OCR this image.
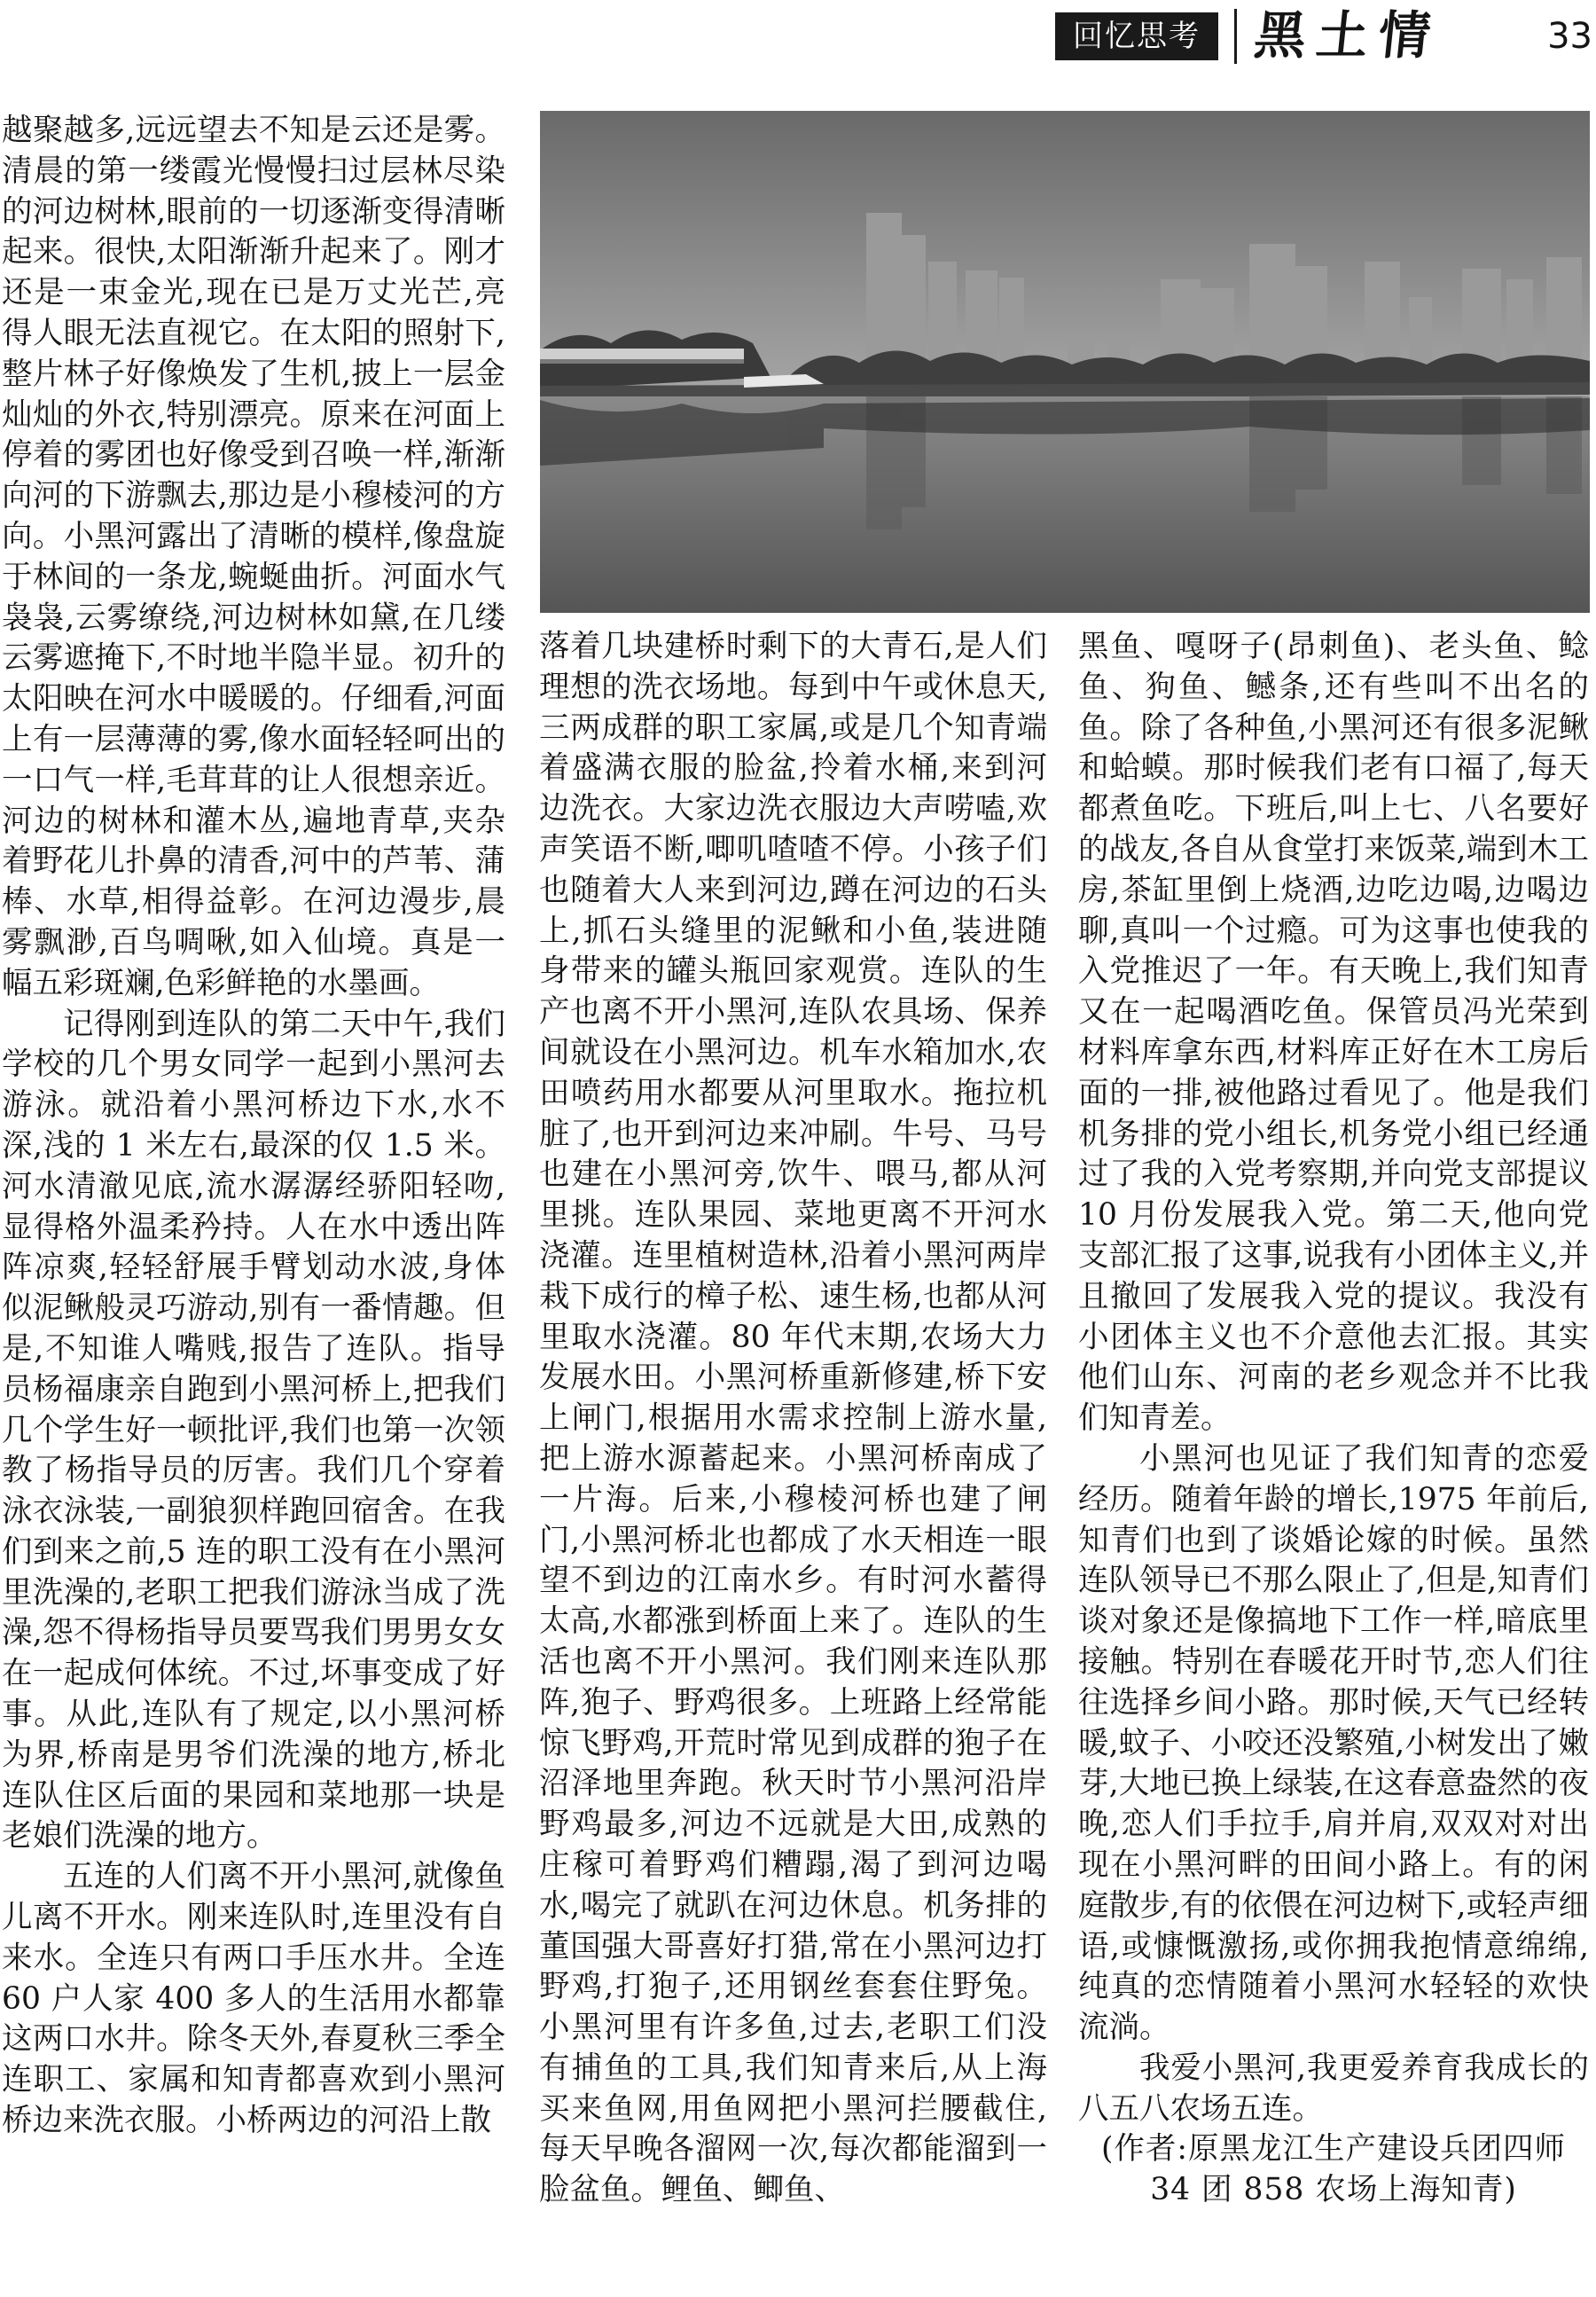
回忆思考 黑土情	33

越聚越多,远远望去不知是云还是雾。清晨的第一缕霞光慢慢扫过层林尽染的河边树林,眼前的一切逐渐变得清晰起来。很快,太阳渐渐升起来了。刚才还是一束金光,现在已是万丈光芒,亮得人眼无法直视它。在太阳的照射下,整片林子好像焕发了生机,披上一层金灿灿的外衣,特别漂亮。原来在河面上停着的雾团也好像受到召唤一样,渐渐向河的下游飘去,那边是小穆棱河的方向。小黑河露出了清晰的模样,像盘旋于林间的一条龙,蜿蜒曲折。河面水气袅袅,云雾缭绕,河边树林如黛,在几缕云雾遮掩下,不时地半隐半显。初升的太阳映在河水中暖暖的。仔细看,河面上有一层薄薄的雾,像水面轻轻呵出的一口气一样,毛茸茸的让人很想亲近。河边的树林和灌木丛,遍地青草,夹杂着野花儿扑鼻的清香,河中的芦苇、蒲棒、水草,相得益彰。在河边漫步,晨雾飘渺,百鸟啁啾,如入仙境。真是一幅五彩斑斓,色彩鲜艳的水墨画。

记得刚到连队的第二天中午,我们学校的几个男女同学一起到小黑河去游泳。就沿着小黑河桥边下水,水不深,浅的 1 米左右,最深的仅 1.5 米。河水清澈见底,流水潺潺经骄阳轻吻,显得格外温柔矜持。人在水中透出阵阵凉爽,轻轻舒展手臂划动水波,身体似泥鳅般灵巧游动,别有一番情趣。但是,不知谁人嘴贱,报告了连队。指导员杨福康亲自跑到小黑河桥上,把我们几个学生好一顿批评,我们也第一次领教了杨指导员的厉害。我们几个穿着泳衣泳装,一副狼狈样跑回宿舍。在我们到来之前,5 连的职工没有在小黑河里洗澡的,老职工把我们游泳当成了洗澡,怨不得杨指导员要骂我们男男女女在一起成何体统。不过,坏事变成了好事。从此,连队有了规定,以小黑河桥为界,桥南是男爷们洗澡的地方,桥北连队住区后面的果园和菜地那一块是老娘们洗澡的地方。

五连的人们离不开小黑河,就像鱼儿离不开水。刚来连队时,连里没有自来水。全连只有两口手压水井。全连 60 户人家 400 多人的生活用水都靠这两口水井。除冬天外,春夏秋三季全连职工、家属和知青都喜欢到小黑河桥边来洗衣服。小桥两边的河沿上散

落着几块建桥时剩下的大青石,是人们理想的洗衣场地。每到中午或休息天,三两成群的职工家属,或是几个知青端着盛满衣服的脸盆,拎着水桶,来到河边洗衣。大家边洗衣服边大声唠嗑,欢声笑语不断,唧叽喳喳不停。小孩子们也随着大人来到河边,蹲在河边的石头上,抓石头缝里的泥鳅和小鱼,装进随身带来的罐头瓶回家观赏。连队的生产也离不开小黑河,连队农具场、保养间就设在小黑河边。机车水箱加水,农田喷药用水都要从河里取水。拖拉机脏了,也开到河边来冲刷。牛号、马号也建在小黑河旁,饮牛、喂马,都从河里挑。连队果园、菜地更离不开河水浇灌。连里植树造林,沿着小黑河两岸栽下成行的樟子松、速生杨,也都从河里取水浇灌。80 年代末期,农场大力发展水田。小黑河桥重新修建,桥下安上闸门,根据用水需求控制上游水量,把上游水源蓄起来。小黑河桥南成了一片海。后来,小穆棱河桥也建了闸门,小黑河桥北也都成了水天相连一眼望不到边的江南水乡。有时河水蓄得太高,水都涨到桥面上来了。连队的生活也离不开小黑河。我们刚来连队那阵,狍子、野鸡很多。上班路上经常能惊飞野鸡,开荒时常见到成群的狍子在沼泽地里奔跑。秋天时节小黑河沿岸野鸡最多,河边不远就是大田,成熟的庄稼可着野鸡们糟蹋,渴了到河边喝水,喝完了就趴在河边休息。机务排的董国强大哥喜好打猎,常在小黑河边打野鸡,打狍子,还用钢丝套套住野兔。小黑河里有许多鱼,过去,老职工们没有捕鱼的工具,我们知青来后,从上海买来鱼网,用鱼网把小黑河拦腰截住,每天早晚各溜网一次,每次都能溜到一脸盆鱼。鲤鱼、鲫鱼、

黑鱼、嘎呀子(昂刺鱼)、老头鱼、鲶鱼、狗鱼、鳡条,还有些叫不出名的鱼。除了各种鱼,小黑河还有很多泥鳅和蛤蟆。那时候我们老有口福了,每天都煮鱼吃。下班后,叫上七、八名要好的战友,各自从食堂打来饭菜,端到木工房,茶缸里倒上烧酒,边吃边喝,边喝边聊,真叫一个过瘾。可为这事也使我的入党推迟了一年。有天晚上,我们知青又在一起喝酒吃鱼。保管员冯光荣到材料库拿东西,材料库正好在木工房后面的一排,被他路过看见了。他是我们机务排的党小组长,机务党小组已经通过了我的入党考察期,并向党支部提议 10 月份发展我入党。第二天,他向党支部汇报了这事,说我有小团体主义,并且撤回了发展我入党的提议。我没有小团体主义也不介意他去汇报。其实他们山东、河南的老乡观念并不比我们知青差。

小黑河也见证了我们知青的恋爱经历。随着年龄的增长,1975 年前后,知青们也到了谈婚论嫁的时候。虽然连队领导已不那么限止了,但是,知青们谈对象还是像搞地下工作一样,暗底里接触。特别在春暖花开时节,恋人们往往选择乡间小路。那时候,天气已经转暖,蚊子、小咬还没繁殖,小树发出了嫩芽,大地已换上绿装,在这春意盎然的夜晚,恋人们手拉手,肩并肩,双双对对出现在小黑河畔的田间小路上。有的闲庭散步,有的依偎在河边树下,或轻声细语,或慷慨激扬,或你拥我抱情意绵绵,纯真的恋情随着小黑河水轻轻的欢快流淌。

我爱小黑河,我更爱养育我成长的八五八农场五连。

(作者:原黑龙江生产建设兵团四师 34 团 858 农场上海知青)
